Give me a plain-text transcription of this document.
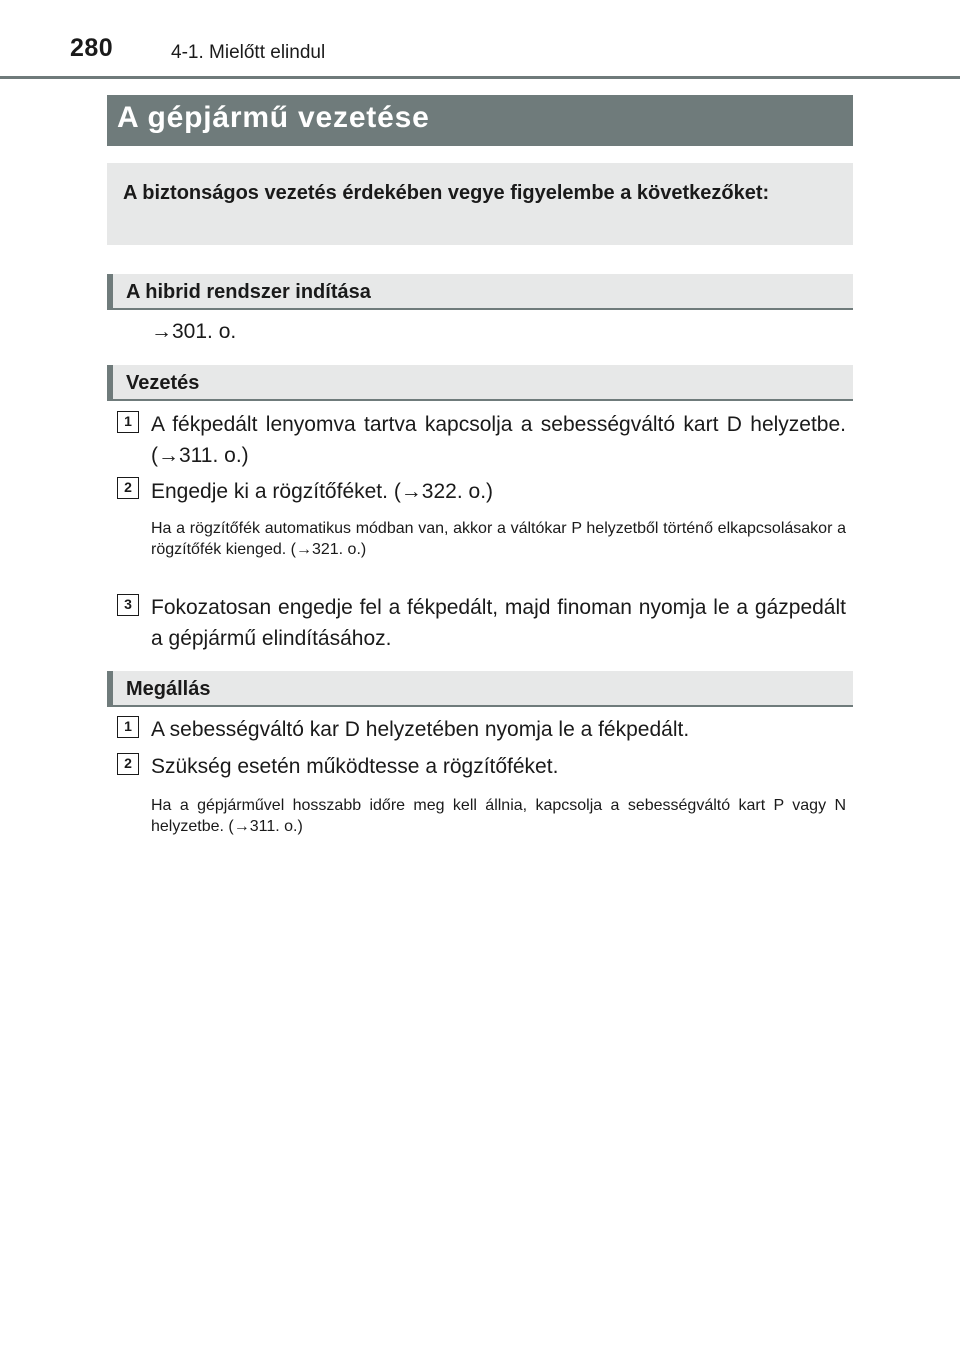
280	4-1. Mielőtt elindul
A gépjármű vezetése

A biztonságos vezetés érdekében vegye figyelembe a következőket:

A hibrid rendszer indítása
→301. o.
Vezetés
1 A fékpedált lenyomva tartva kapcsolja a sebességváltó kart D helyzetbe. (→311. o.)
2 Engedje ki a rögzítőféket. (→322. o.)
Ha a rögzítőfék automatikus módban van, akkor a váltókar P helyzetből történő elkapcsolásakor a rögzítőfék kienged. (→321. o.)
3 Fokozatosan engedje fel a fékpedált, majd finoman nyomja le a gázpedált a gépjármű elindításához.
Megállás
1 A sebességváltó kar D helyzetében nyomja le a fékpedált.
2 Szükség esetén működtesse a rögzítőféket.
Ha a gépjárművel hosszabb időre meg kell állnia, kapcsolja a sebességváltó kart P vagy N helyzetbe. (→311. o.)
